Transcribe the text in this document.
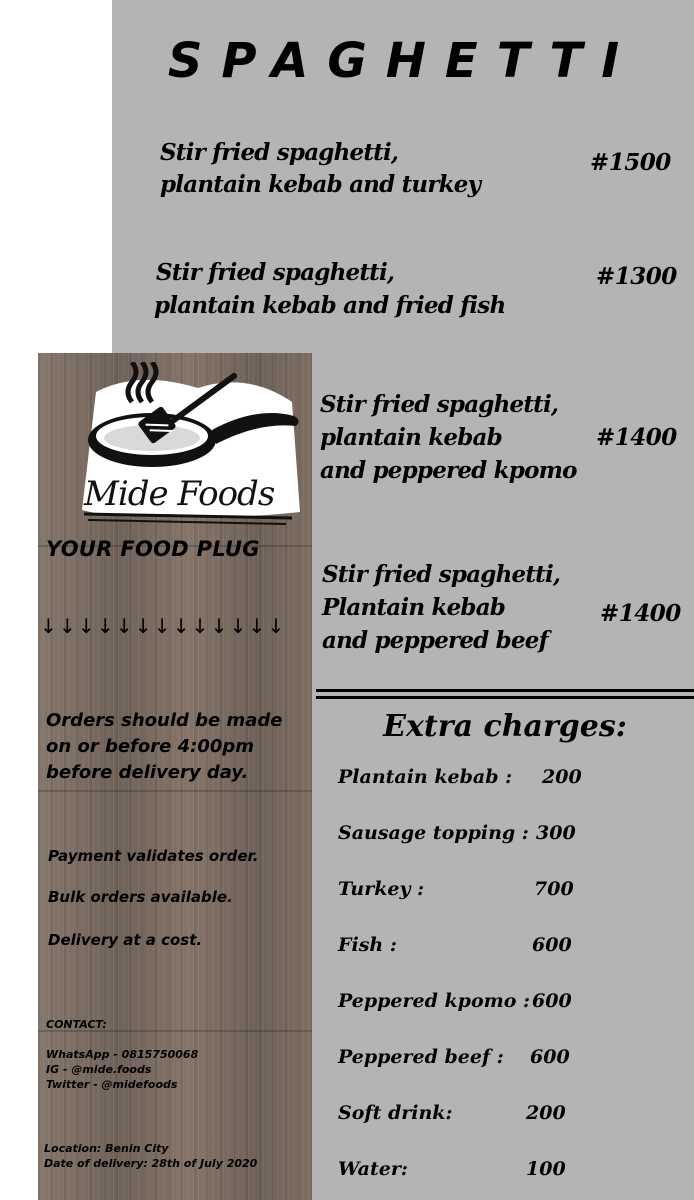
SPAGHETTI

Stir fried spaghetti,

plantain kebab and turkey

#1500

Stir fried spaghetti,

plantain kebab and fried fish

#1300

Mide Foods

YOUR FOOD PLUG

↓↓↓↓↓↓↓↓↓↓↓↓↓

Orders should be made

on or before 4:00pm

before delivery day.

Payment validates order.

Bulk orders available.

Delivery at a cost.

CONTACT:

WhatsApp - 0815750068

IG - @mide.foods

Twitter - @midefoods

Location: Benin City

Date of delivery: 28th of July 2020

Stir fried spaghetti,

plantain kebab

and peppered kpomo

#1400

Stir fried spaghetti,

Plantain kebab

and peppered beef

#1400

Extra charges:

Plantain kebab : 200

Sausage topping : 300

Turkey :	700

Fish :	600

Peppered kpomo : 600

Peppered beef : 600

Soft drink:	200

Water:	100
